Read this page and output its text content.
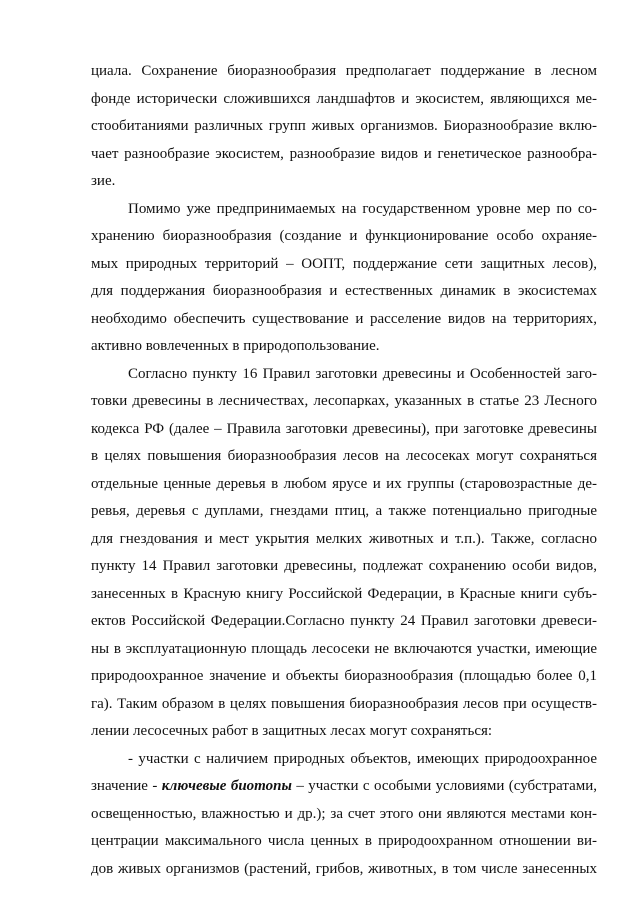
циала. Сохранение биоразнообразия предполагает поддержание в лесном
фонде исторически сложившихся ландшафтов и экосистем, являющихся ме-
стообитаниями различных групп живых организмов. Биоразнообразие вклю-
чает разнообразие экосистем, разнообразие видов и генетическое разнообра-
зие.
Помимо уже предпринимаемых на государственном уровне мер по со-
хранению биоразнообразия (создание и функционирование особо охраняе-
мых природных территорий – ООПТ, поддержание сети защитных лесов),
для поддержания биоразнообразия и естественных динамик в экосистемах
необходимо обеспечить существование и расселение видов на территориях,
активно вовлеченных в природопользование.
Согласно пункту 16 Правил заготовки древесины и Особенностей заго-
товки древесины в лесничествах, лесопарках, указанных в статье 23 Лесного
кодекса РФ (далее – Правила заготовки древесины), при заготовке древесины
в целях повышения биоразнообразия лесов на лесосеках могут сохраняться
отдельные ценные деревья в любом ярусе и их группы (старовозрастные де-
ревья, деревья с дуплами, гнездами птиц, а также потенциально пригодные
для гнездования и мест укрытия мелких животных и т.п.). Также, согласно
пункту 14 Правил заготовки древесины, подлежат сохранению особи видов,
занесенных в Красную книгу Российской Федерации, в Красные книги субъ-
ектов Российской Федерации.Согласно пункту 24 Правил заготовки древеси-
ны в эксплуатационную площадь лесосеки не включаются участки, имеющие
природоохранное значение и объекты биоразнообразия (площадью более 0,1
га). Таким образом в целях повышения биоразнообразия лесов при осуществ-
лении лесосечных работ в защитных лесах могут сохраняться:
- участки с наличием природных объектов, имеющих природоохранное
значение - ключевые биотопы – участки с особыми условиями (субстратами,
освещенностью, влажностью и др.); за счет этого они являются местами кон-
центрации максимального числа ценных в природоохранном отношении ви-
дов живых организмов (растений, грибов, животных, в том числе занесенных
